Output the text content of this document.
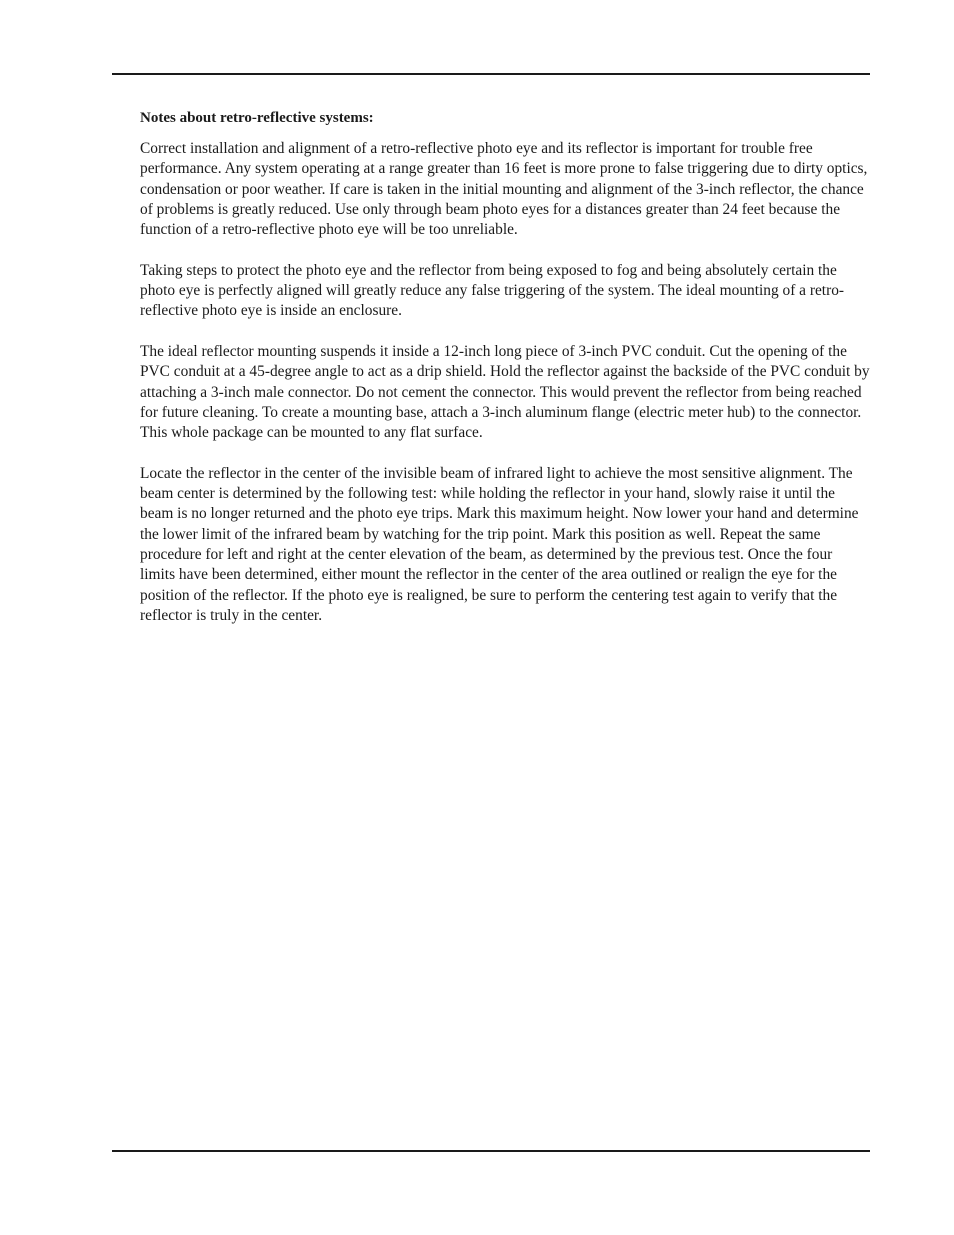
Notes about retro-reflective systems:

Correct installation and alignment of a retro-reflective photo eye and its reflector is important for trouble free performance. Any system operating at a range greater than 16 feet is more prone to false triggering due to dirty optics, condensation or poor weather. If care is taken in the initial mounting and alignment of the 3-inch reflector, the chance of problems is greatly reduced. Use only through beam photo eyes for a distances greater than 24 feet because the function of a retro-reflective photo eye will be too unreliable.

Taking steps to protect the photo eye and the reflector from being exposed to fog and being absolutely certain the photo eye is perfectly aligned will greatly reduce any false triggering of the system. The ideal mounting of a retro-reflective photo eye is inside an enclosure.

The ideal reflector mounting suspends it inside a 12-inch long piece of 3-inch PVC conduit. Cut the opening of the PVC conduit at a 45-degree angle to act as a drip shield. Hold the reflector against the backside of the PVC conduit by attaching a 3-inch male connector. Do not cement the connector. This would prevent the reflector from being reached for future cleaning. To create a mounting base, attach a 3-inch aluminum flange (electric meter hub) to the connector. This whole package can be mounted to any flat surface.

Locate the reflector in the center of the invisible beam of infrared light to achieve the most sensitive alignment. The beam center is determined by the following test: while holding the reflector in your hand, slowly raise it until the beam is no longer returned and the photo eye trips. Mark this maximum height. Now lower your hand and determine the lower limit of the infrared beam by watching for the trip point. Mark this position as well. Repeat the same procedure for left and right at the center elevation of the beam, as determined by the previous test. Once the four limits have been determined, either mount the reflector in the center of the area outlined or realign the eye for the position of the reflector. If the photo eye is realigned, be sure to perform the centering test again to verify that the reflector is truly in the center.
